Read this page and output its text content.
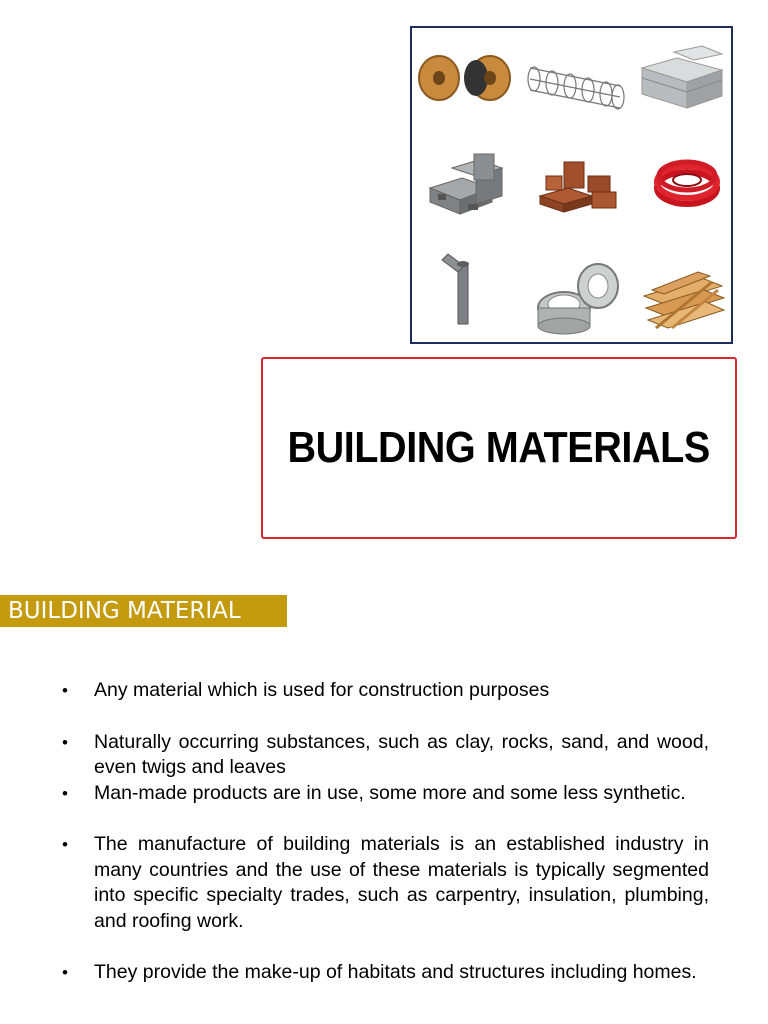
BUILDING MATERIALS
BUILDING MATERIAL
•	Any material which is used for construction purposes
•	Naturally occurring substances, such as clay, rocks, sand, and wood, even twigs and leaves
•	Man-made products are in use, some more and some less synthetic.
•	The manufacture of building materials is an established industry in many countries and the use of these materials is typically segmented into specific specialty trades, such as carpentry, insulation, plumbing, and roofing work.
•	They provide the make-up of habitats and structures including homes.
